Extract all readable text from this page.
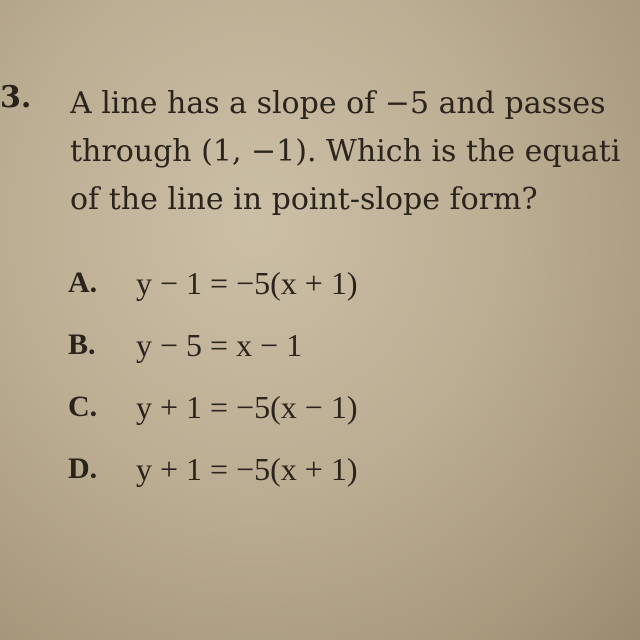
3. A line has a slope of −5 and passes
through (1, −1). Which is the equati
of the line in point-slope form?
A.	y − 1 = −5(x + 1)
B.	y − 5 = x − 1
C.	y + 1 = −5(x − 1)
D.	y + 1 = −5(x + 1)
